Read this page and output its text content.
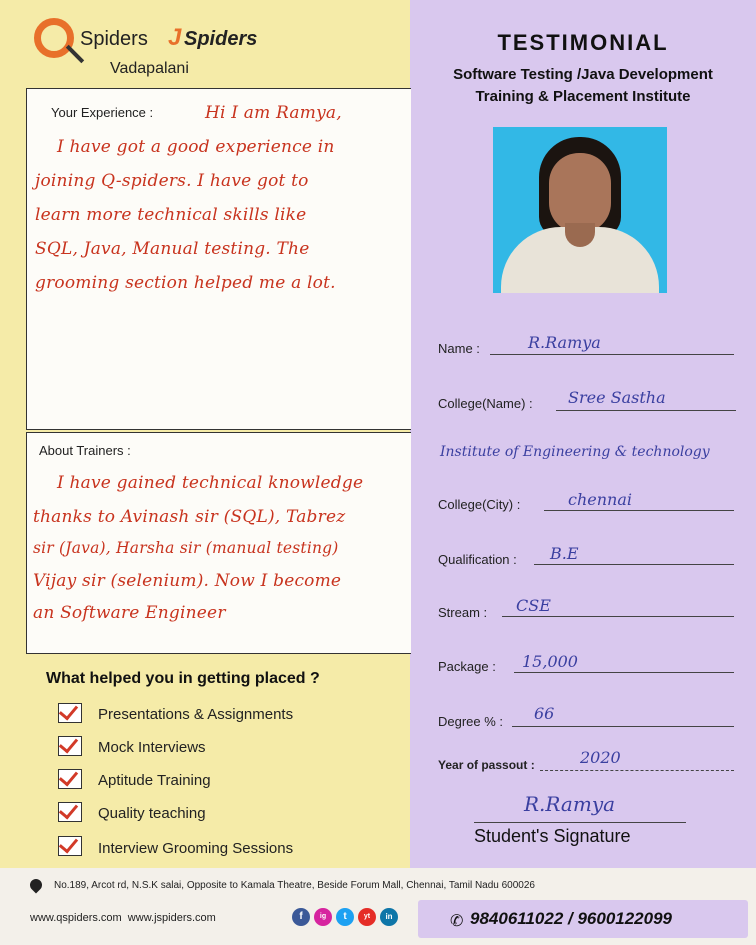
Spiders J Spiders
Vadapalani
TESTIMONIAL
Software Testing /Java Development
Training & Placement Institute
Your Experience :	Hi I am Ramya,
I have got a good experience in
joining Q-spiders. I have got to
learn more technical skills like
SQL, Java, Manual testing. The
grooming section helped me a lot.
About Trainers :
I have gained technical knowledge
thanks to Avinash sir (SQL), Tabrez
sir (Java), Harsha sir (manual testing)
Vijay sir (selenium). Now I become
an Software Engineer
What helped you in getting placed ?
Presentations & Assignments
Mock Interviews
Aptitude Training
Quality teaching
Interview Grooming Sessions
Name :	R.Ramya
College(Name) : Sree Sastha
Institute of Engineering & technology
College(City) :	chennai
Qualification : B.E
Stream : CSE
Package : 15,000
Degree % : 66
Year of passout :	2020
R.Ramya
Student's Signature
No.189, Arcot rd, N.S.K salai, Opposite to Kamala Theatre, Beside Forum Mall, Chennai, Tamil Nadu 600026
www.qspiders.com  www.jspiders.com	f	ig	t	yt	in	✆ 9840611022 / 9600122099
